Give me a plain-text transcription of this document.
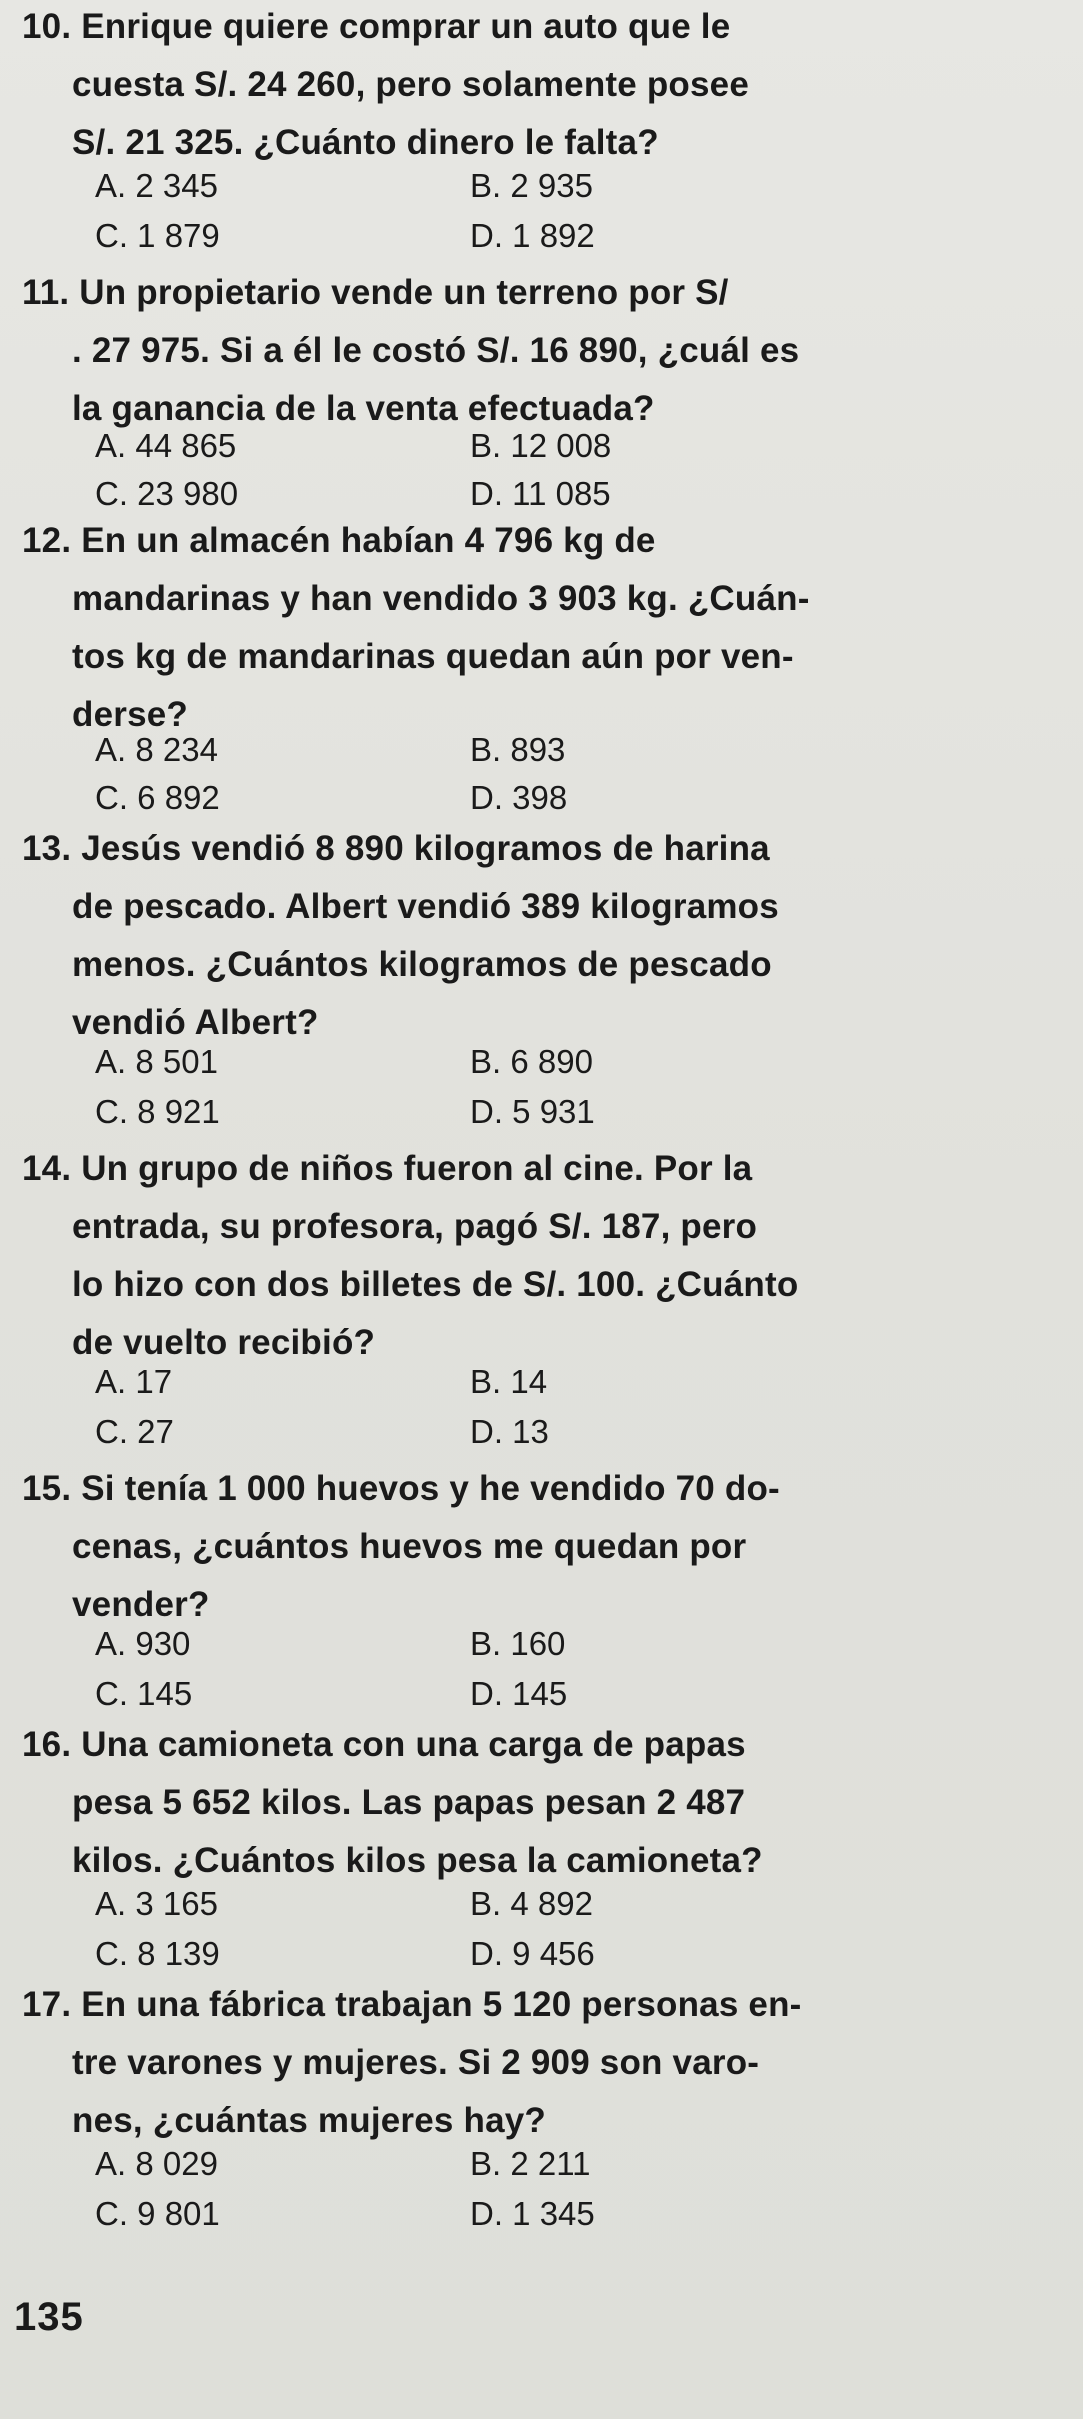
10. Enrique quiere comprar un auto que le
cuesta S/. 24 260, pero solamente posee
S/. 21 325. ¿Cuánto dinero le falta?
A. 2 345	B. 2 935
C. 1 879	D. 1 892
11. Un propietario vende un terreno por S/
. 27 975. Si a él le costó S/. 16 890, ¿cuál es
la ganancia de la venta efectuada?
A. 44 865	B. 12 008
C. 23 980	D. 11 085
12. En un almacén habían 4 796 kg de
mandarinas y han vendido 3 903 kg. ¿Cuán-
tos kg de mandarinas quedan aún por ven-
derse?
A. 8 234	B. 893
C. 6 892	D. 398
13. Jesús vendió 8 890 kilogramos de harina
de pescado. Albert vendió 389 kilogramos
menos. ¿Cuántos kilogramos de pescado
vendió Albert?
A. 8 501	B. 6 890
C. 8 921	D. 5 931
14. Un grupo de niños fueron al cine. Por la
entrada, su profesora, pagó S/. 187, pero
lo hizo con dos billetes de S/. 100. ¿Cuánto
de vuelto recibió?
A. 17	B. 14
C. 27	D. 13
15. Si tenía 1 000 huevos y he vendido 70 do-
cenas, ¿cuántos huevos me quedan por
vender?
A. 930	B. 160
C. 145	D. 145
16. Una camioneta con una carga de papas
pesa 5 652 kilos. Las papas pesan 2 487
kilos. ¿Cuántos kilos pesa la camioneta?
A. 3 165	B. 4 892
C. 8 139	D. 9 456
17. En una fábrica trabajan 5 120 personas en-
tre varones y mujeres. Si 2 909 son varo-
nes, ¿cuántas mujeres hay?
A. 8 029	B. 2 211
C. 9 801	D. 1 345
135
